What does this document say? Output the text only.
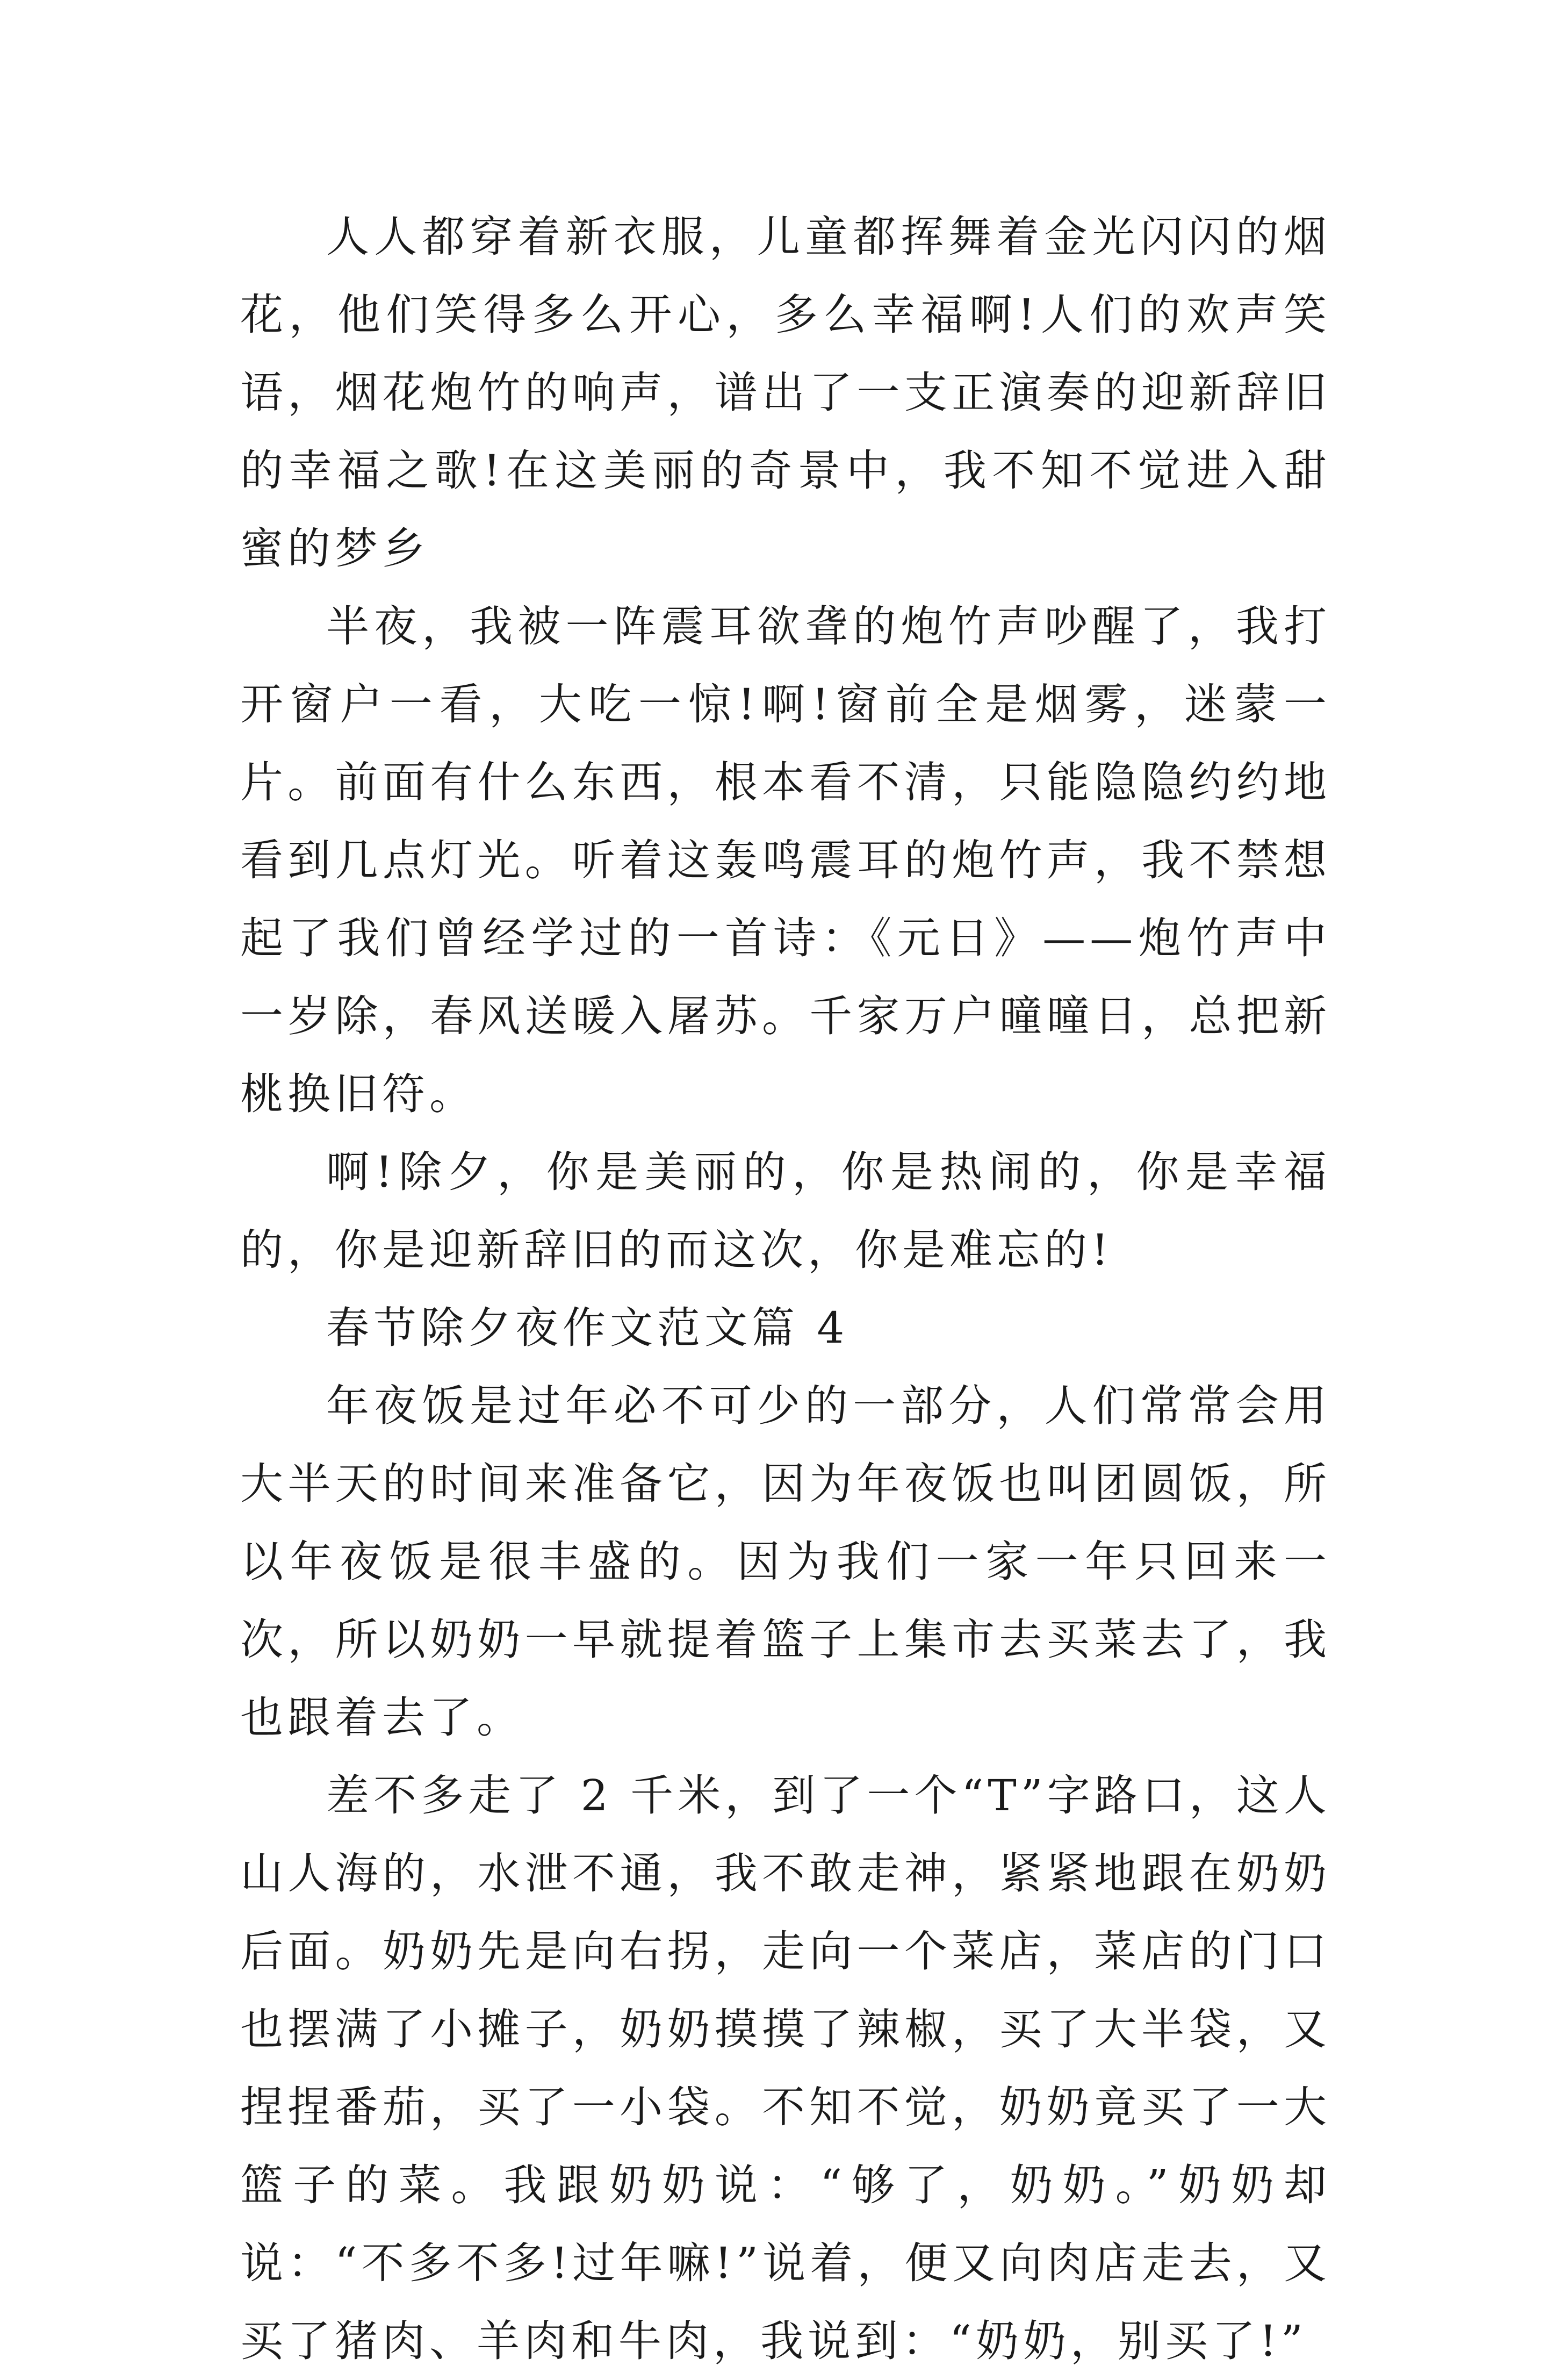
人人都穿着新衣服，儿童都挥舞着金光闪闪的烟花，他们笑得多么开心，多么幸福啊!人们的欢声笑语，烟花炮竹的响声，谱出了一支正演奏的迎新辞旧的幸福之歌!在这美丽的奇景中，我不知不觉进入甜蜜的梦乡

半夜，我被一阵震耳欲聋的炮竹声吵醒了，我打开窗户一看，大吃一惊!啊!窗前全是烟雾，迷蒙一片。前面有什么东西，根本看不清，只能隐隐约约地看到几点灯光。听着这轰鸣震耳的炮竹声，我不禁想起了我们曾经学过的一首诗：《元日》——炮竹声中一岁除，春风送暖入屠苏。千家万户曈曈日，总把新桃换旧符。

啊!除夕，你是美丽的，你是热闹的，你是幸福的，你是迎新辞旧的而这次，你是难忘的!

春节除夕夜作文范文篇 4

年夜饭是过年必不可少的一部分，人们常常会用大半天的时间来准备它，因为年夜饭也叫团圆饭，所以年夜饭是很丰盛的。因为我们一家一年只回来一次，所以奶奶一早就提着篮子上集市去买菜去了，我也跟着去了。

差不多走了 2 千米，到了一个“T”字路口，这人山人海的，水泄不通，我不敢走神，紧紧地跟在奶奶后面。奶奶先是向右拐，走向一个菜店，菜店的门口也摆满了小摊子，奶奶摸摸了辣椒，买了大半袋，又捏捏番茄，买了一小袋。不知不觉，奶奶竟买了一大篮子的菜。我跟奶奶说：“够了，奶奶。”奶奶却说：“不多不多!过年嘛!”说着，便又向肉店走去，又买了猪肉、羊肉和牛肉，我说到：“奶奶，别买了!”
